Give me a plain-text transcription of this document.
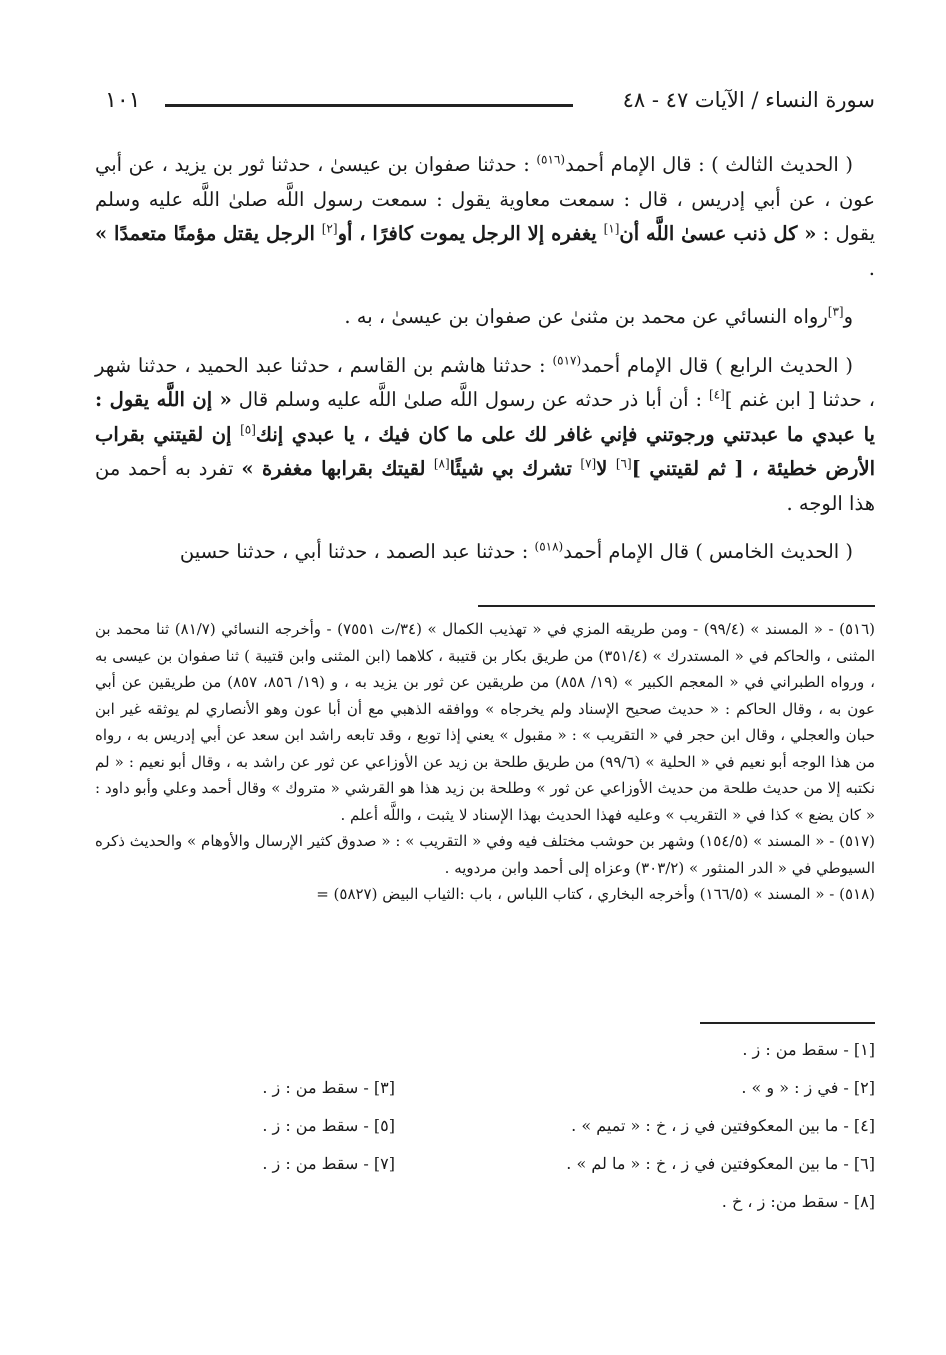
١٠١	سورة النساء / الآيات ٤٧ - ٤٨

( الحديث الثالث ) : قال الإمام أحمد$^{(٥١٦)}$ : حدثنا صفوان بن عيسىٰ ، حدثنا ثور بن يزيد ، عن أبي عون ، عن أبي إدريس ، قال : سمعت معاوية يقول : سمعت رسول اللَّه صلىٰ اللَّه عليه وسلم يقول : « كل ذنب عسىٰ اللَّه أن[١] يغفره إلا الرجل يموت كافرًا ، أو[٢] الرجل يقتل مؤمنًا متعمدًا » .

و[٣]رواه النسائي عن محمد بن مثنىٰ عن صفوان بن عيسىٰ ، به .

( الحديث الرابع ) قال الإمام أحمد$^{(٥١٧)}$ : حدثنا هاشم بن القاسم ، حدثنا عبد الحميد ، حدثنا شهر ، حدثنا [ ابن غنم ][٤] : أن أبا ذر حدثه عن رسول اللَّه صلىٰ اللَّه عليه وسلم قال « إن اللَّه يقول : يا عبدي ما عبدتني ورجوتني فإني غافر لك على ما كان فيك ، يا عبدي إنك[٥] إن لقيتني بقراب الأرض خطيئة ، [ ثم لقيتني ][٦] لا[٧] تشرك بي شيئًا[٨] لقيتك بقرابها مغفرة » تفرد به أحمد من هذا الوجه .

( الحديث الخامس ) قال الإمام أحمد$^{(٥١٨)}$ : حدثنا عبد الصمد ، حدثنا أبي ، حدثنا حسين

(٥١٦) - « المسند » (٩٩/٤) - ومن طريقه المزي في « تهذيب الكمال » (٣٤/ت ٧٥٥١) - وأخرجه النسائي (٨١/٧) ثنا محمد بن المثنى ، والحاكم في « المستدرك » (٣٥١/٤) من طريق بكار بن قتيبة ، كلاهما (ابن المثنى وابن قتيبة ) ثنا صفوان بن عيسى به ، ورواه الطبراني في « المعجم الكبير » (١٩/ ٨٥٨) من طريقين عن ثور بن يزيد به ، و (١٩/ ٨٥٦، ٨٥٧) من طريقين عن أبي عون به ، وقال الحاكم : « حديث صحيح الإسناد ولم يخرجاه » ووافقه الذهبي مع أن أبا عون وهو الأنصاري لم يوثقه غير ابن حبان والعجلي ، وقال ابن حجر في « التقريب » : « مقبول » يعني إذا توبع ، وقد تابعه راشد ابن سعد عن أبي إدريس به ، رواه من هذا الوجه أبو نعيم في « الحلية » (٩٩/٦) من طريق طلحة بن زيد عن الأوزاعي عن ثور عن راشد به ، وقال أبو نعيم : « لم نكتبه إلا من حديث طلحة من حديث الأوزاعي عن ثور » وطلحة بن زيد هذا هو القرشي « متروك » وقال أحمد وعلي وأبو داود : « كان يضع » كذا في « التقريب » وعليه فهذا الحديث بهذا الإسناد لا يثبت ، واللَّه أعلم .

(٥١٧) - « المسند » (١٥٤/٥) وشهر بن حوشب مختلف فيه وفي « التقريب » : « صدوق كثير الإرسال والأوهام » والحديث ذكره السيوطي في « الدر المنثور » (٣٠٣/٢) وعزاه إلى أحمد وابن مردويه .

(٥١٨) - « المسند » (١٦٦/٥) وأخرجه البخاري ، كتاب اللباس ، باب :الثياب البيض (٥٨٢٧) =

[١] - سقط من : ز .
[٢] - في ز : « و » .
[٣] - سقط من : ز .
[٤] - ما بين المعكوفتين في ز ، خ : « تميم » .
[٥] - سقط من : ز .
[٦] - ما بين المعكوفتين في ز ، خ : « ما لم » .
[٧] - سقط من : ز .
[٨] - سقط من: ز ، خ .
